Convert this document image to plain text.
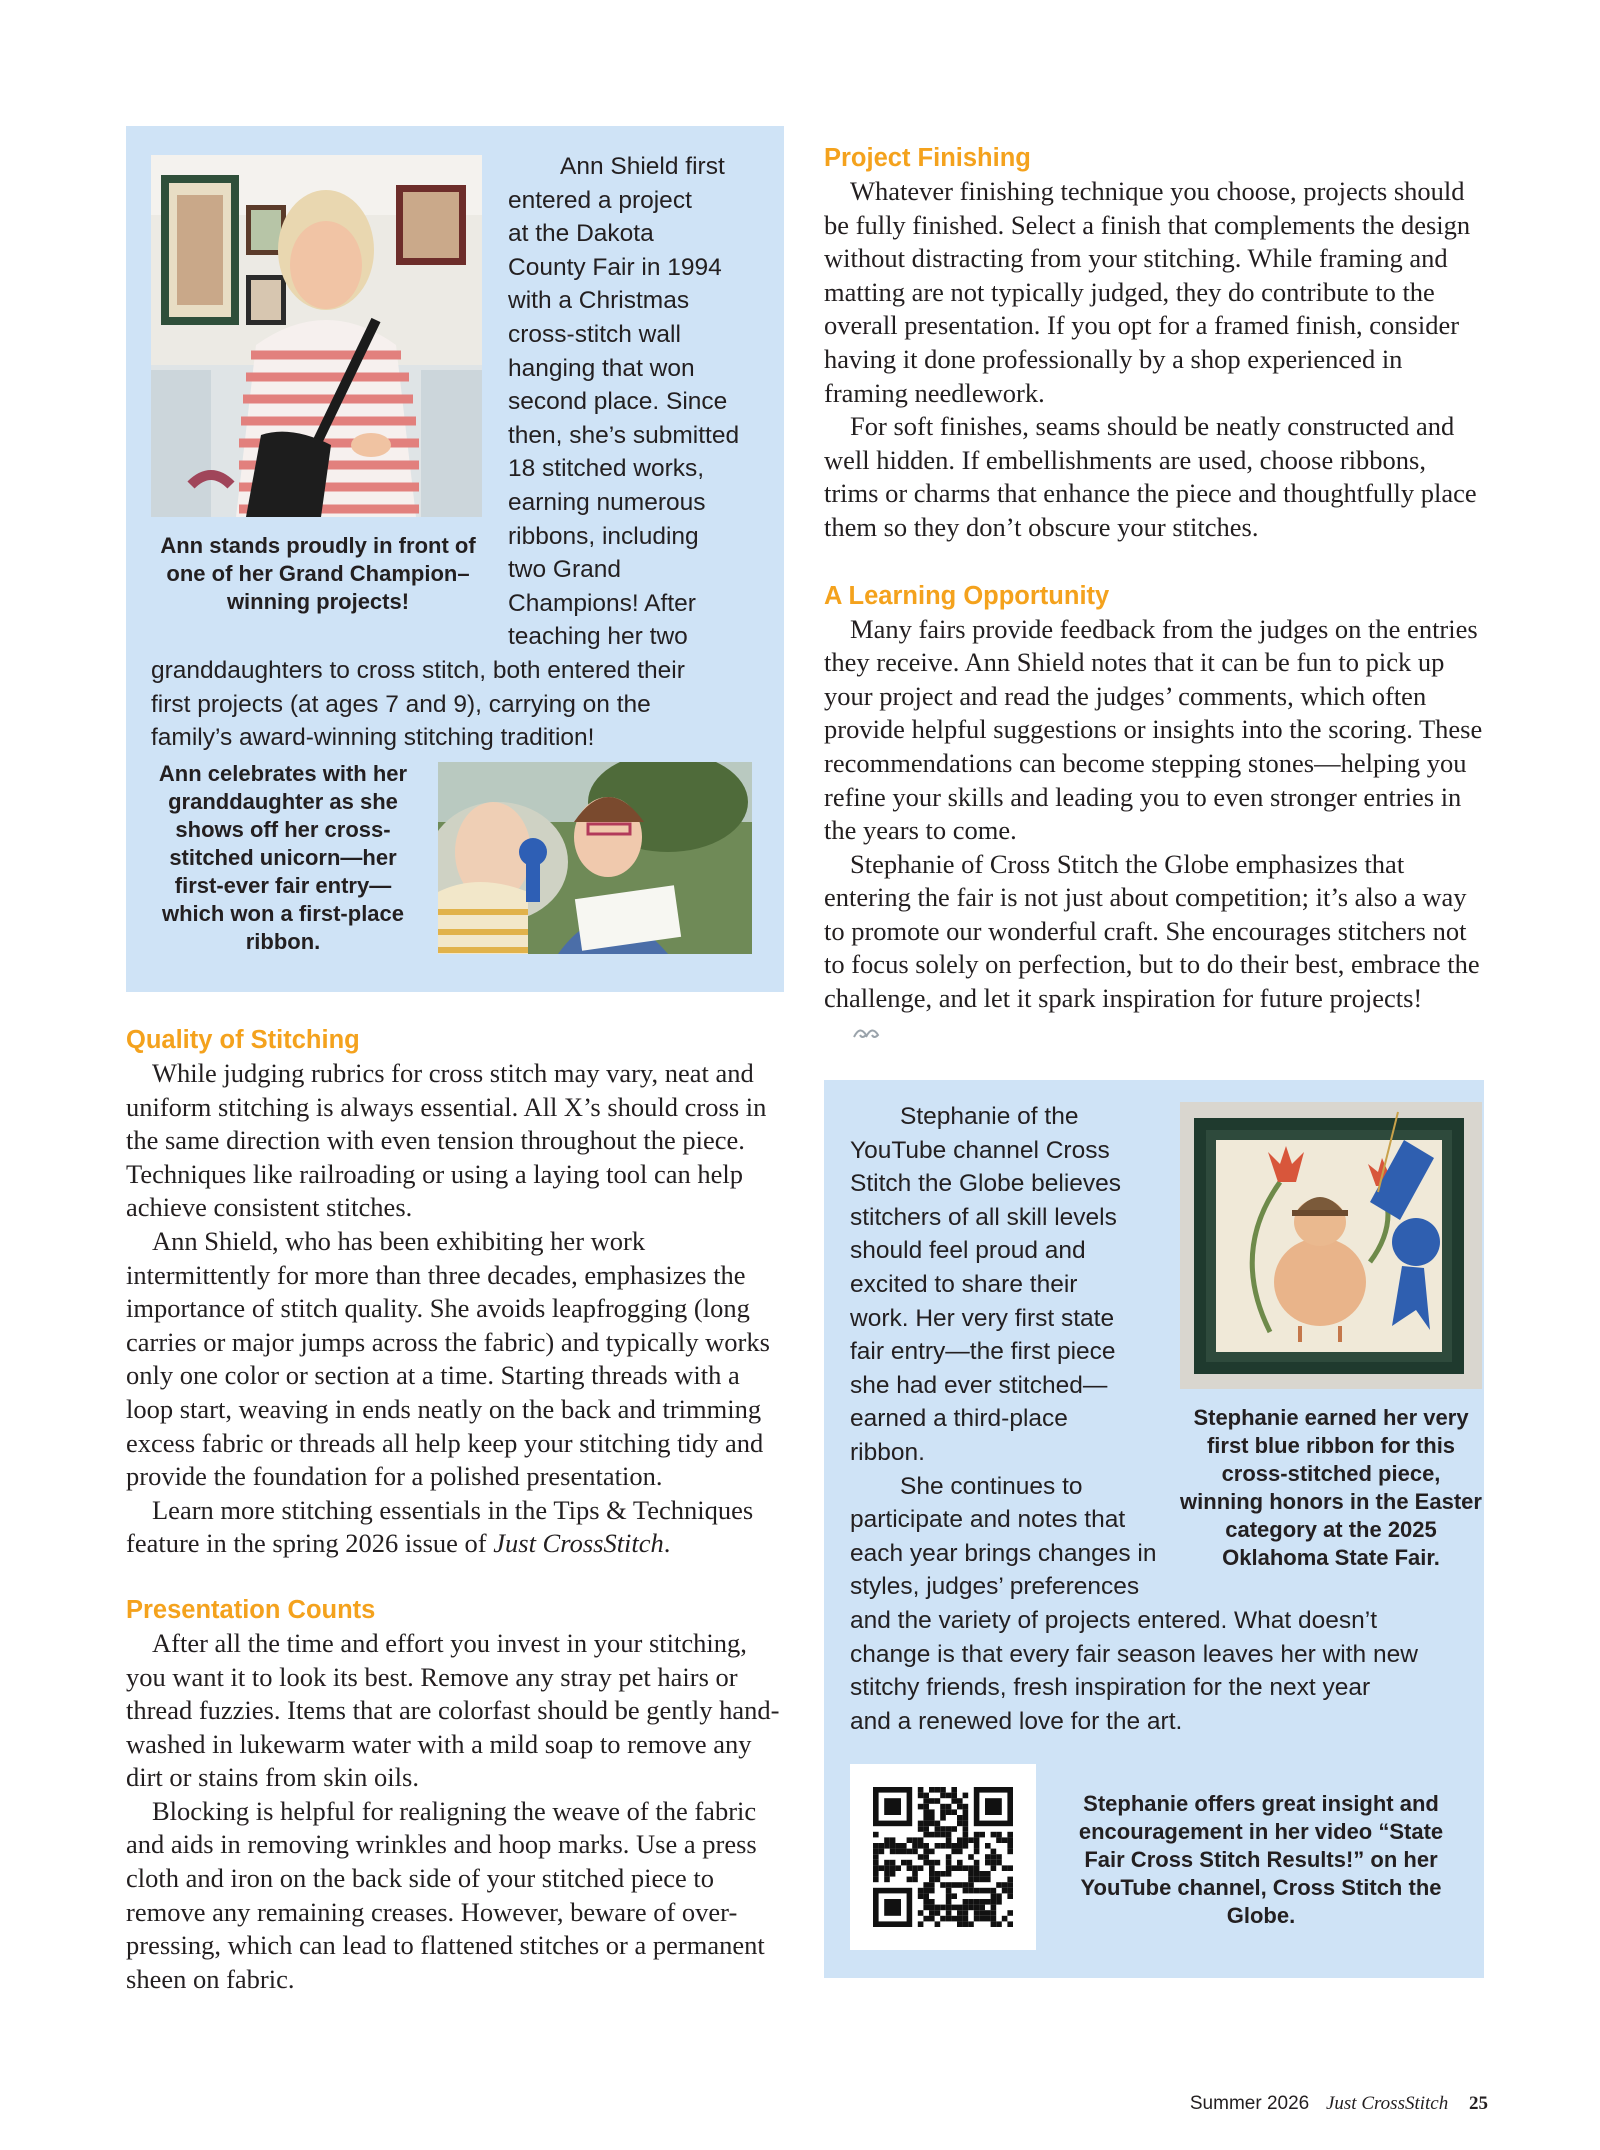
Ann stands proudly in front of one of her Grand Champion–winning projects!

Ann Shield first

entered a project

at the Dakota

County Fair in 1994

with a Christmas

cross-stitch wall

hanging that won

second place. Since

then, she’s submitted

18 stitched works,

earning numerous

ribbons, including

two Grand

Champions! After

teaching her two

granddaughters to cross stitch, both entered their

first projects (at ages 7 and 9), carrying on the

family’s award-winning stitching tradition!

Ann celebrates with her granddaughter as she shows off her cross-stitched unicorn—her first-ever fair entry—which won a first-place ribbon.

Quality of Stitching

While judging rubrics for cross stitch may vary, neat and uniform stitching is always essential. All X’s should cross in the same direction with even tension throughout the piece. Techniques like railroading or using a laying tool can help achieve consistent stitches.

Ann Shield, who has been exhibiting her work intermittently for more than three decades, emphasizes the importance of stitch quality. She avoids leapfrogging (long carries or major jumps across the fabric) and typically works only one color or section at a time. Starting threads with a loop start, weaving in ends neatly on the back and trimming excess fabric or threads all help keep your stitching tidy and provide the foundation for a polished presentation.

Learn more stitching essentials in the Tips & Techniques feature in the spring 2026 issue of Just CrossStitch.

Presentation Counts

After all the time and effort you invest in your stitching, you want it to look its best. Remove any stray pet hairs or thread fuzzies. Items that are colorfast should be gently hand-washed in lukewarm water with a mild soap to remove any dirt or stains from skin oils.

Blocking is helpful for realigning the weave of the fabric and aids in removing wrinkles and hoop marks. Use a press cloth and iron on the back side of your stitched piece to remove any remaining creases. However, beware of over-pressing, which can lead to flattened stitches or a permanent sheen on fabric.

Project Finishing

Whatever finishing technique you choose, projects should be fully finished. Select a finish that complements the design without distracting from your stitching. While framing and matting are not typically judged, they do contribute to the overall presentation. If you opt for a framed finish, consider having it done professionally by a shop experienced in framing needlework.

For soft finishes, seams should be neatly constructed and well hidden. If embellishments are used, choose ribbons, trims or charms that enhance the piece and thoughtfully place them so they don’t obscure your stitches.

A Learning Opportunity

Many fairs provide feedback from the judges on the entries they receive. Ann Shield notes that it can be fun to pick up your project and read the judges’ comments, which often provide helpful suggestions or insights into the scoring. These recommendations can become stepping stones—helping you refine your skills and leading you to even stronger entries in the years to come.

Stephanie of Cross Stitch the Globe emphasizes that entering the fair is not just about competition; it’s also a way to promote our wonderful craft. She encourages stitchers not to focus solely on perfection, but to do their best, embrace the challenge, and let it spark inspiration for future projects!

Stephanie of the

YouTube channel Cross

Stitch the Globe believes

stitchers of all skill levels

should feel proud and

excited to share their

work. Her very first state

fair entry—the first piece

she had ever stitched—

earned a third-place

ribbon.

She continues to

participate and notes that

each year brings changes in

styles, judges’ preferences

and the variety of projects entered. What doesn’t

change is that every fair season leaves her with new

stitchy friends, fresh inspiration for the next year

and a renewed love for the art.

Stephanie earned her very first blue ribbon for this cross-stitched piece, winning honors in the Easter category at the 2025 Oklahoma State Fair.

Stephanie offers great insight and encouragement in her video “State Fair Cross Stitch Results!” on her YouTube channel, Cross Stitch the Globe.

Summer 2026 Just CrossStitch 25
